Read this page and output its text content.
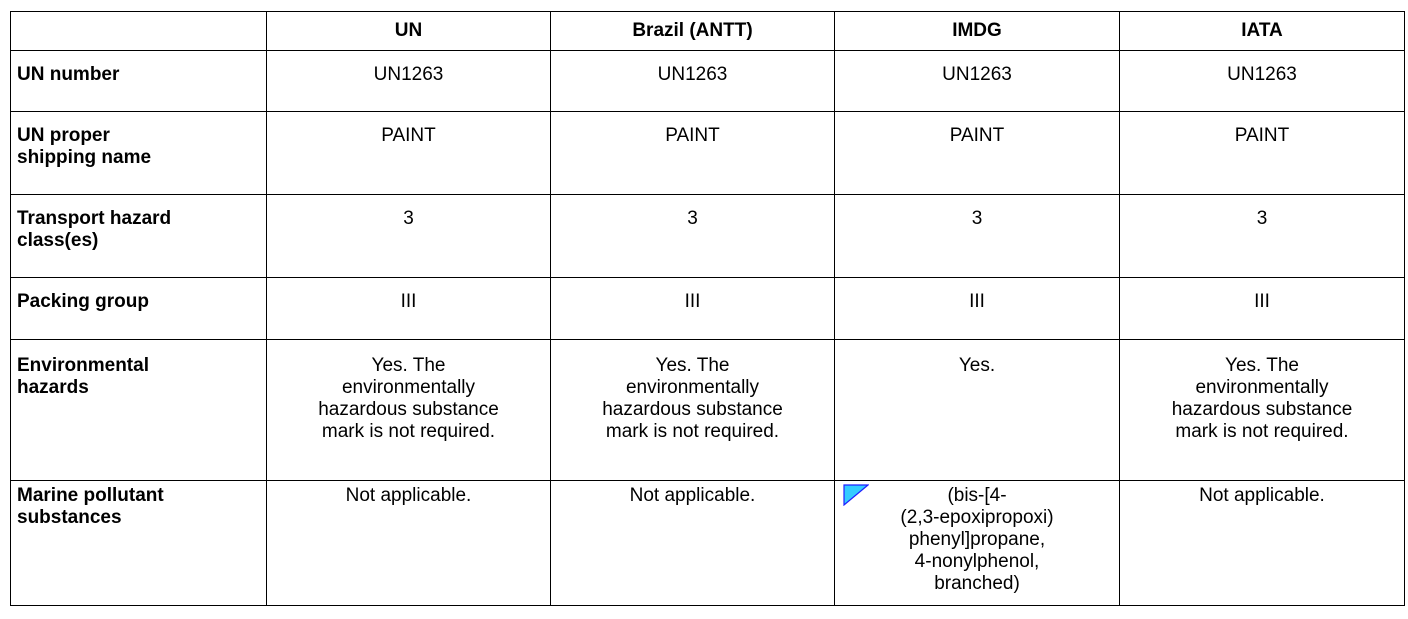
	UN	Brazil (ANTT)	IMDG	IATA
UN number	UN1263	UN1263	UN1263	UN1263

UN proper
shipping name	PAINT	PAINT	PAINT	PAINT

Transport hazard
class(es)	3	3	3	3
Packing group	III	III	III	III

Environmental
hazards	Yes. The
environmentally
hazardous substance
mark is not required.	Yes. The
environmentally
hazardous substance
mark is not required.	Yes.	Yes. The
environmentally
hazardous substance
mark is not required.

Marine pollutant
substances	Not applicable.	Not applicable.	(bis-[4-
(2,3-epoxipropoxi)
phenyl]propane,
4-nonylphenol,
branched)	Not applicable.
